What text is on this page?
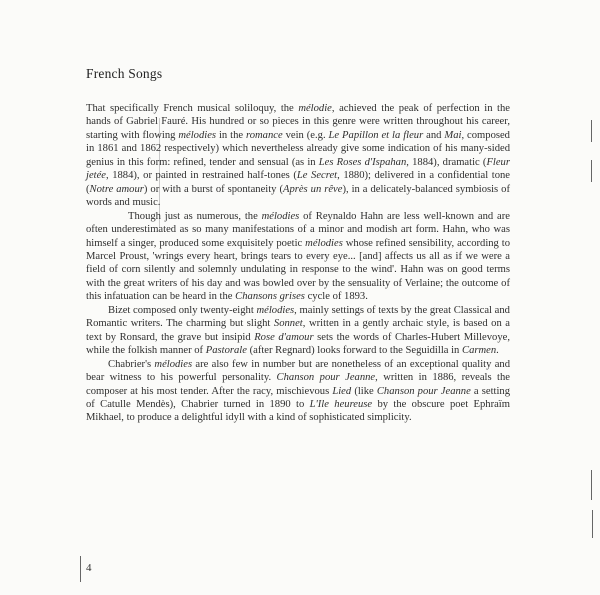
French Songs

That specifically French musical soliloquy, the mélodie, achieved the peak of perfection in the hands of Gabriel Fauré. His hundred or so pieces in this genre were written throughout his career, starting with flowing mélodies in the romance vein (e.g. Le Papillon et la fleur and Mai, composed in 1861 and 1862 respectively) which nevertheless already give some indication of his many-sided genius in this form: refined, tender and sensual (as in Les Roses d'Ispahan, 1884), dramatic (Fleur jetée, 1884), or painted in restrained half-tones (Le Secret, 1880); delivered in a confidential tone (Notre amour) or with a burst of spontaneity (Après un rêve), in a delicately-balanced symbiosis of words and music.

Though just as numerous, the mélodies of Reynaldo Hahn are less well-known and are often underestimated as so many manifestations of a minor and modish art form. Hahn, who was himself a singer, produced some exquisitely poetic mélodies whose refined sensibility, according to Marcel Proust, 'wrings every heart, brings tears to every eye... [and] affects us all as if we were a field of corn silently and solemnly undulating in response to the wind'. Hahn was on good terms with the great writers of his day and was bowled over by the sensuality of Verlaine; the outcome of this infatuation can be heard in the Chansons grises cycle of 1893.

Bizet composed only twenty-eight mélodies, mainly settings of texts by the great Classical and Romantic writers. The charming but slight Sonnet, written in a gently archaic style, is based on a text by Ronsard, the grave but insipid Rose d'amour sets the words of Charles-Hubert Millevoye, while the folkish manner of Pastorale (after Regnard) looks forward to the Seguidilla in Carmen.

Chabrier's mélodies are also few in number but are nonetheless of an exceptional quality and bear witness to his powerful personality. Chanson pour Jeanne, written in 1886, reveals the composer at his most tender. After the racy, mischievous Lied (like Chanson pour Jeanne a setting of Catulle Mendès), Chabrier turned in 1890 to L'Ile heureuse by the obscure poet Ephraïm Mikhael, to produce a delightful idyll with a kind of sophisticated simplicity.

4
